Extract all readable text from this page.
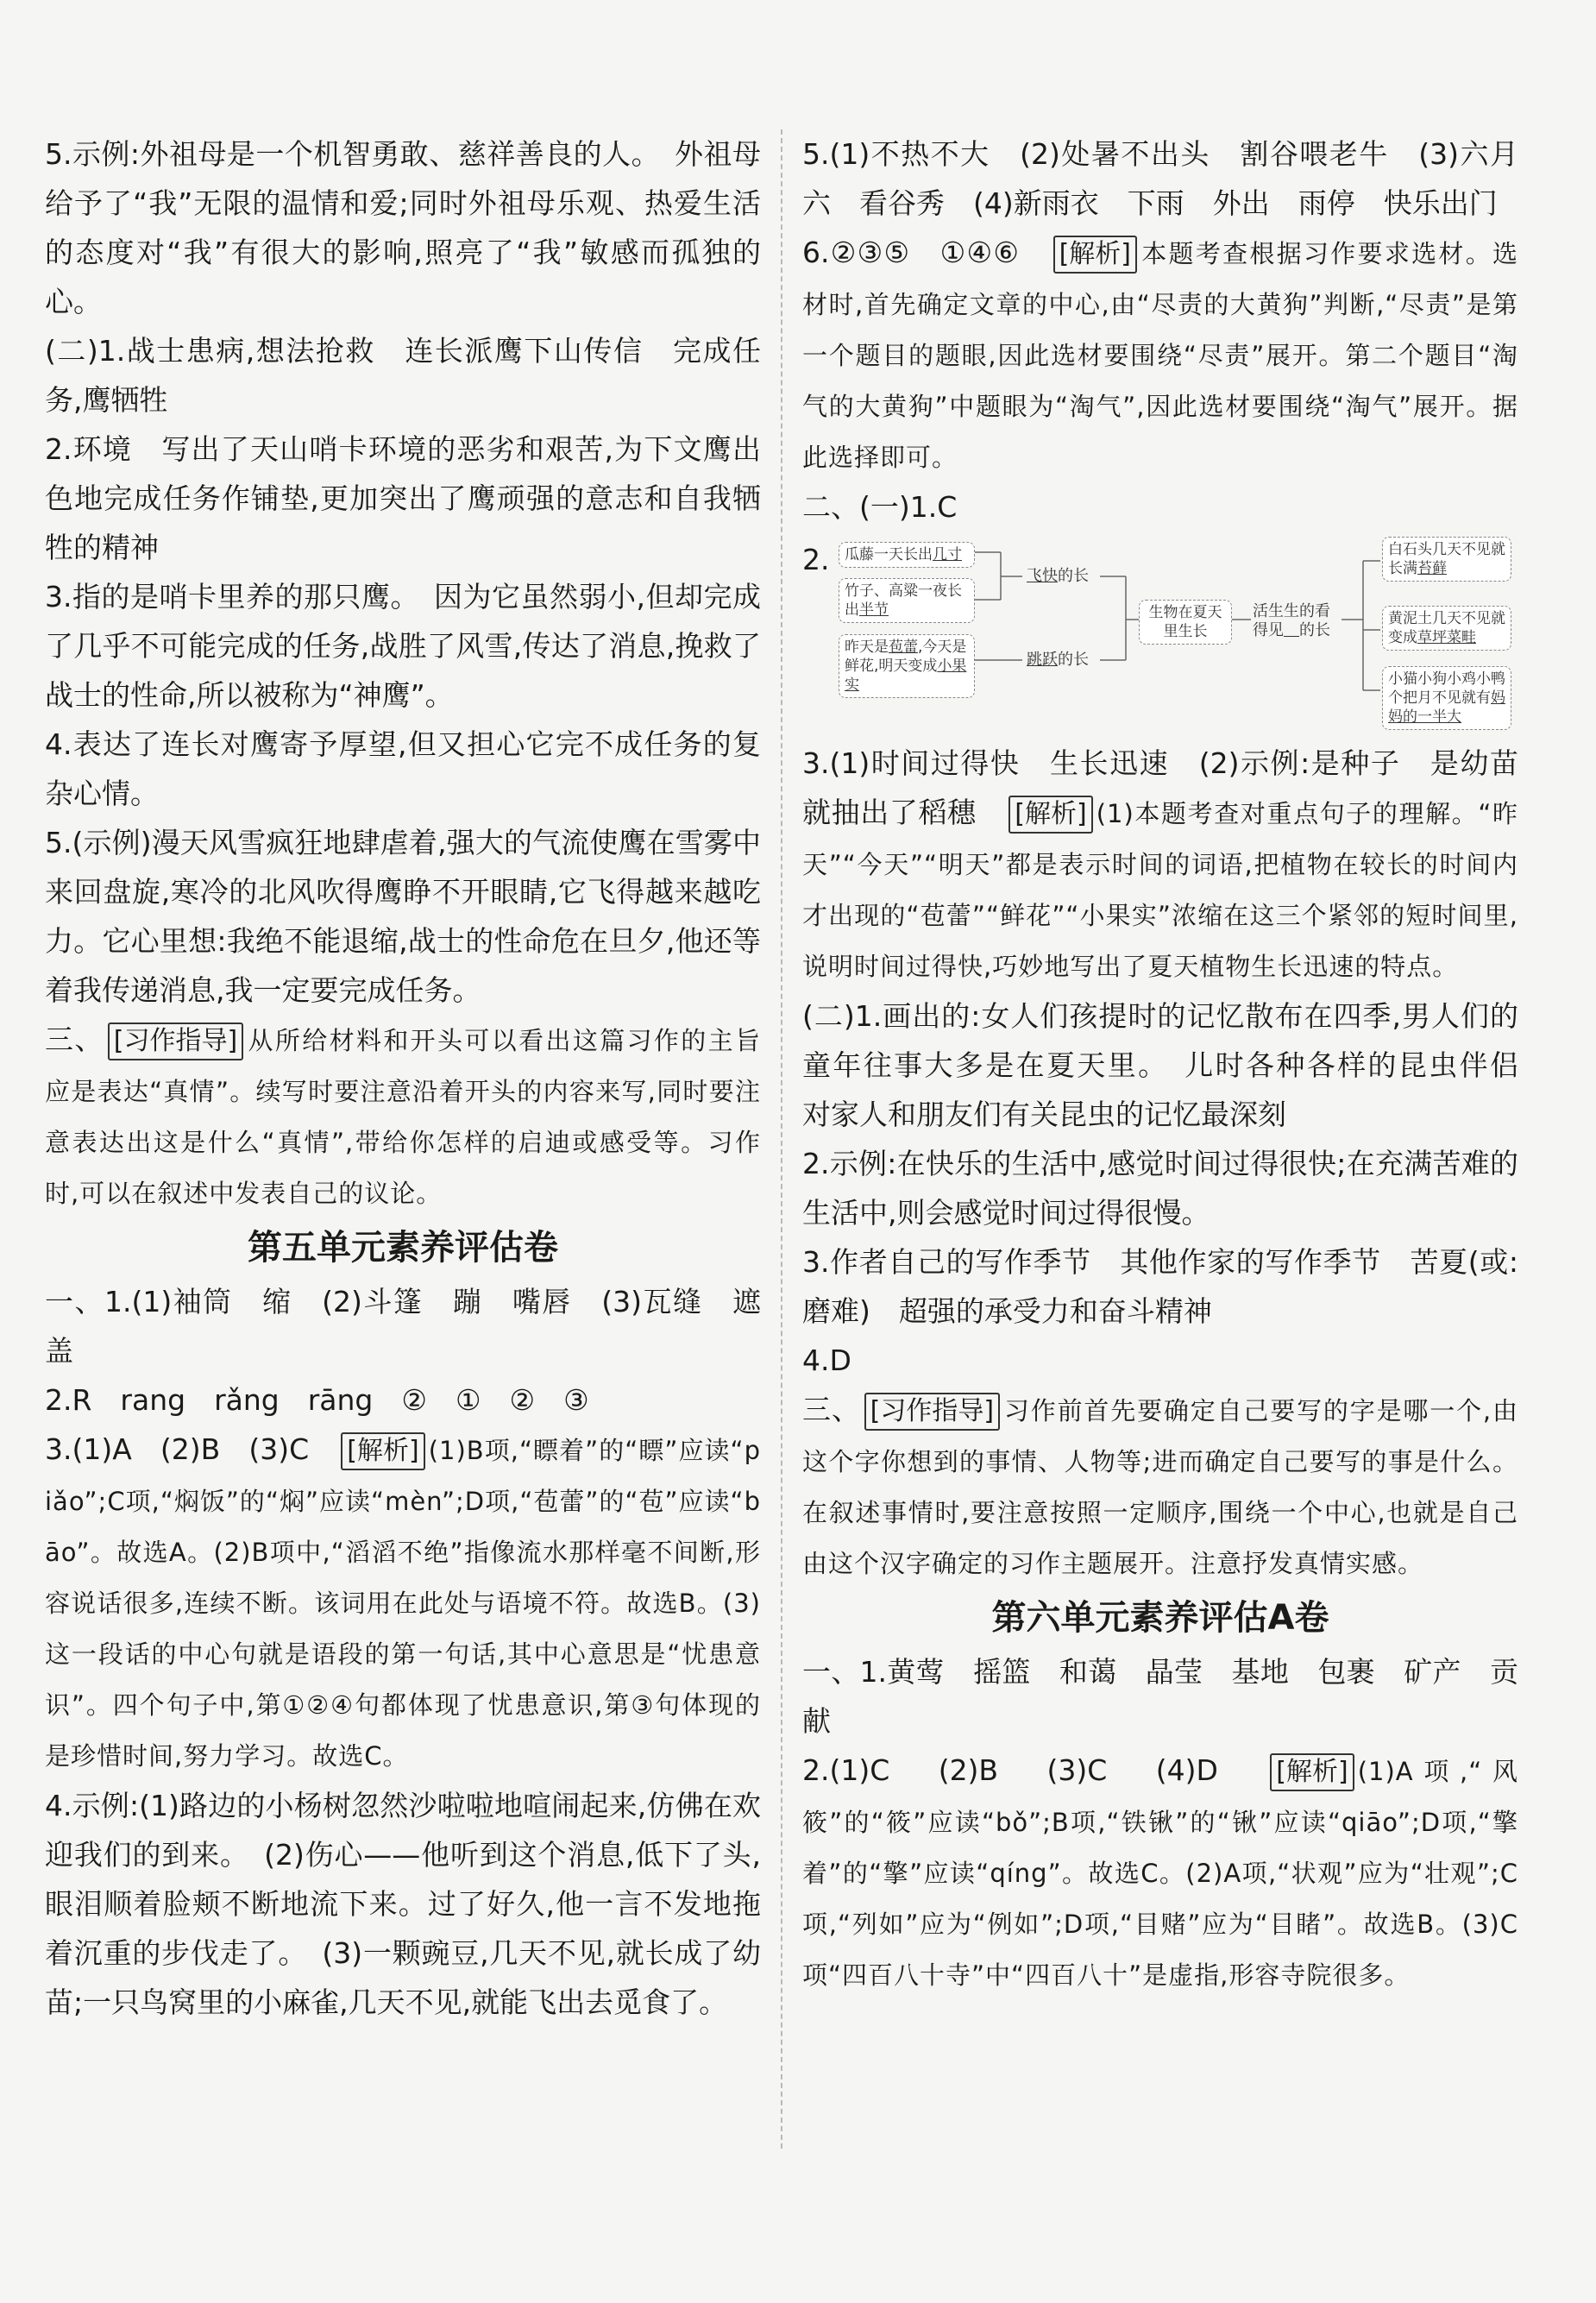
5.示例:外祖母是一个机智勇敢、慈祥善良的人。　外祖母给予了“我”无限的温情和爱;同时外祖母乐观、热爱生活的态度对“我”有很大的影响,照亮了“我”敏感而孤独的心。

(二)1.战士患病,想法抢救　连长派鹰下山传信　完成任务,鹰牺牲

2.环境　写出了天山哨卡环境的恶劣和艰苦,为下文鹰出色地完成任务作铺垫,更加突出了鹰顽强的意志和自我牺牲的精神

3.指的是哨卡里养的那只鹰。　因为它虽然弱小,但却完成了几乎不可能完成的任务,战胜了风雪,传达了消息,挽救了战士的性命,所以被称为“神鹰”。

4.表达了连长对鹰寄予厚望,但又担心它完不成任务的复杂心情。

5.(示例)漫天风雪疯狂地肆虐着,强大的气流使鹰在雪雾中来回盘旋,寒冷的北风吹得鹰睁不开眼睛,它飞得越来越吃力。它心里想:我绝不能退缩,战士的性命危在旦夕,他还等着我传递消息,我一定要完成任务。

三、 [习作指导] 从所给材料和开头可以看出这篇习作的主旨应是表达“真情”。续写时要注意沿着开头的内容来写,同时要注意表达出这是什么“真情”,带给你怎样的启迪或感受等。习作时,可以在叙述中发表自己的议论。

第五单元素养评估卷

一、1.(1)袖筒　缩　(2)斗篷　蹦　嘴唇　(3)瓦缝　遮盖

2.R　rang　rǎng　rāng　②　①　②　③

3.(1)A　(2)B　(3)C　[解析] (1)B项,“瞟着”的“瞟”应读“piǎo”;C项,“焖饭”的“焖”应读“mèn”;D项,“苞蕾”的“苞”应读“bāo”。故选A。(2)B项中,“滔滔不绝”指像流水那样毫不间断,形容说话很多,连续不断。该词用在此处与语境不符。故选B。(3)这一段话的中心句就是语段的第一句话,其中心意思是“忧患意识”。四个句子中,第①②④句都体现了忧患意识,第③句体现的是珍惜时间,努力学习。故选C。

4.示例:(1)路边的小杨树忽然沙啦啦地喧闹起来,仿佛在欢迎我们的到来。　(2)伤心——他听到这个消息,低下了头,眼泪顺着脸颊不断地流下来。过了好久,他一言不发地拖着沉重的步伐走了。　(3)一颗豌豆,几天不见,就长成了幼苗;一只鸟窝里的小麻雀,几天不见,就能飞出去觅食了。

5.(1)不热不大　(2)处暑不出头　割谷喂老牛　(3)六月六　看谷秀　(4)新雨衣　下雨　外出　雨停　快乐出门

6.②③⑤　①④⑥　[解析] 本题考查根据习作要求选材。选材时,首先确定文章的中心,由“尽责的大黄狗”判断,“尽责”是第一个题目的题眼,因此选材要围绕“尽责”展开。第二个题目“淘气的大黄狗”中题眼为“淘气”,因此选材要围绕“淘气”展开。据此选择即可。

二、(一)1.C

2.	瓜藤一天长出几寸
竹子、高粱一夜长出半节
昨天是苞蕾,今天是鲜花,明天变成小果实
飞快的长
跳跃的长
生物在夏天里生长
活生生的看得见　 的长
白石头几天不见就长满苔藓
黄泥土几天不见就变成草坪菜畦
小猫小狗小鸡小鸭个把月不见就有妈妈的一半大

3.(1)时间过得快　生长迅速　(2)示例:是种子　是幼苗　就抽出了稻穗　[解析] (1)本题考查对重点句子的理解。“昨天”“今天”“明天”都是表示时间的词语,把植物在较长的时间内才出现的“苞蕾”“鲜花”“小果实”浓缩在这三个紧邻的短时间里,说明时间过得快,巧妙地写出了夏天植物生长迅速的特点。

(二)1.画出的:女人们孩提时的记忆散布在四季,男人们的童年往事大多是在夏天里。　儿时各种各样的昆虫伴侣　对家人和朋友们有关昆虫的记忆最深刻

2.示例:在快乐的生活中,感觉时间过得很快;在充满苦难的生活中,则会感觉时间过得很慢。

3.作者自己的写作季节　其他作家的写作季节　苦夏(或:磨难)　超强的承受力和奋斗精神

4.D

三、 [习作指导] 习作前首先要确定自己要写的字是哪一个,由这个字你想到的事情、人物等;进而确定自己要写的事是什么。在叙述事情时,要注意按照一定顺序,围绕一个中心,也就是自己由这个汉字确定的习作主题展开。注意抒发真情实感。

第六单元素养评估A卷

一、1.黄莺　摇篮　和蔼　晶莹　基地　包裹　矿产　贡献

2.(1)C　(2)B　(3)C　(4)D　[解析] (1)A项,“风筱”的“筱”应读“bǒ”;B项,“铁锹”的“锹”应读“qiāo”;D项,“擎着”的“擎”应读“qíng”。故选C。(2)A项,“状观”应为“壮观”;C项,“列如”应为“例如”;D项,“目赌”应为“目睹”。故选B。(3)C项“四百八十寺”中“四百八十”是虚指,形容寺院很多。
